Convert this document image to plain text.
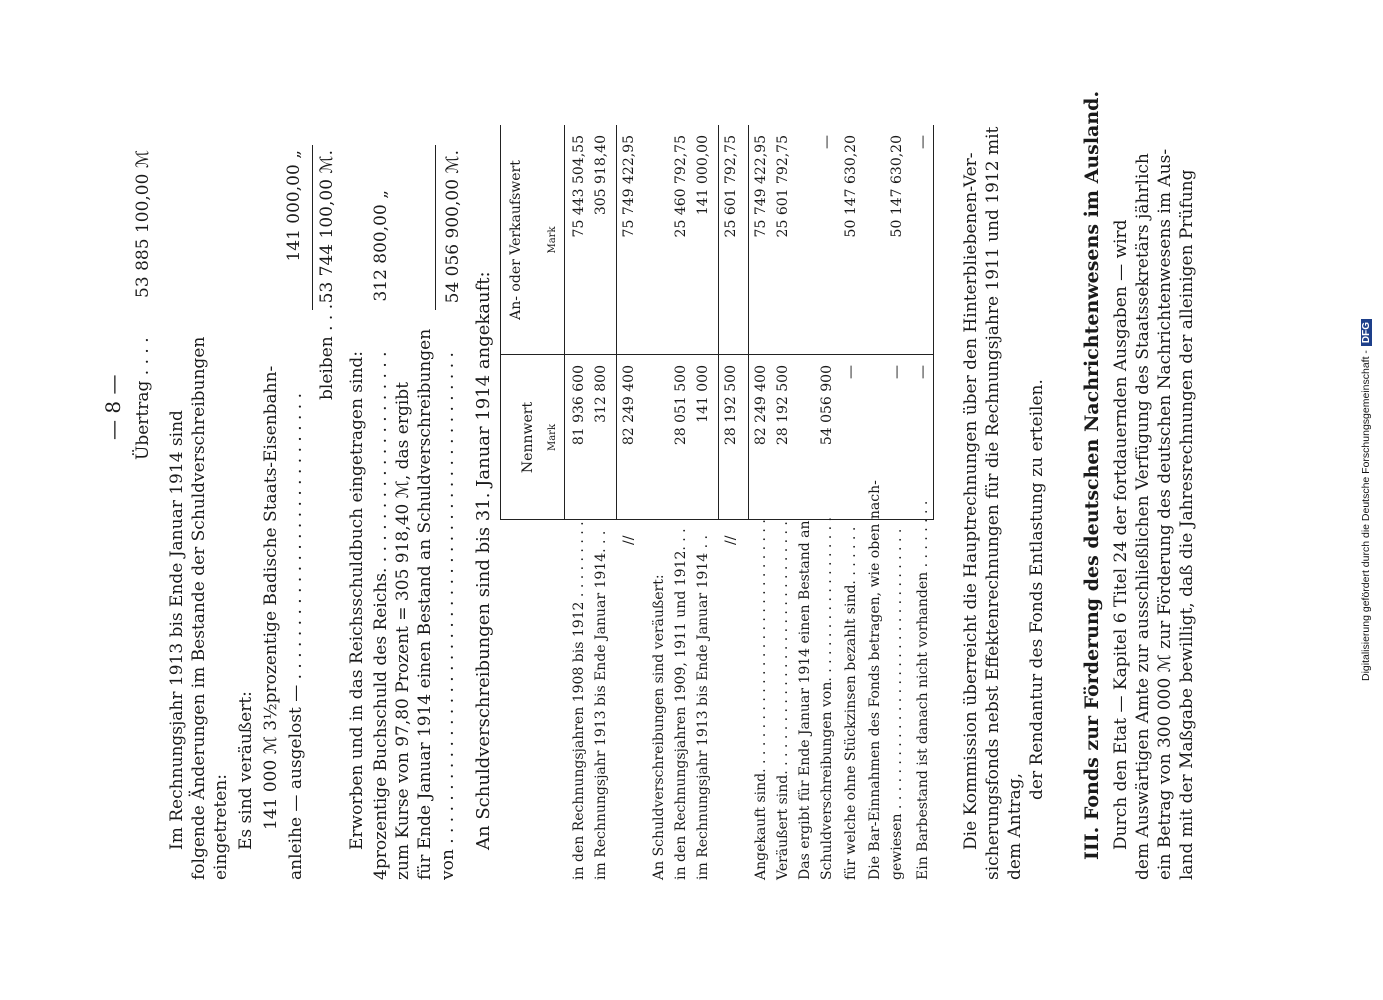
— 8 — Übertrag . . . .
53 885 100,00 ℳ
Im Rechnungsjahr 1913 bis Ende Januar 1914 sind folgende Änderungen im Bestande der Schuldverschreibungen eingetreten: Es sind veräußert: 141 000 ℳ 3½prozentige Badische Staats-Eisenbahn- anleihe — ausgelost — . . . . . . . . . . . . . . . . . . . . . . . . . . .
141 000,00 „
bleiben . . . .
53 744 100,00 ℳ.
Erworben und in das Reichsschuldbuch eingetragen sind: 4prozentige Buchschuld des Reichs. . . . . . . . . . . . . . . . . . . . .
312 800,00 „
zum Kurse von 97,80 Prozent = 305 918,40 ℳ, das ergibt für Ende Januar 1914 einen Bestand an Schuldverschreibungen von . . . . . . . . . . . . . . . . . . . . . . . . . . . . . . . . . . . . . . . . . . . . . .
54 056 900,00 ℳ.
An Schuldverschreibungen sind bis 31. Januar 1914 angekauft: Nennwert Mark
An- oder Verkaufswert Mark
in den Rechnungsjahren 1908 bis 1912 . . . . . . . . .
81 936 600
75 443 504,55
im Rechnungsjahr 1913 bis Ende Januar 1914. . .
312 800
305 918,40
//
82 249 400
75 749 422,95
An Schuldverschreibungen sind veräußert: in den Rechnungsjahren 1909, 1911 und 1912. . .
28 051 500
25 460 792,75
im Rechnungsjahr 1913 bis Ende Januar 1914 . .
141 000
141 000,00
//
28 192 500
25 601 792,75
Angekauft sind. . . . . . . . . . . . . . . . . . . . . . . . . . . . .
82 249 400
75 749 422,95
Veräußert sind. . . . . . . . . . . . . . . . . . . . . . . . . . . . .
28 192 500
25 601 792,75
Das ergibt für Ende Januar 1914 einen Bestand an Schuldverschreibungen von. . . . . . . . . . . . . . . . . . .
54 056 900
—
für welche ohne Stückzinsen bezahlt sind. . . . . . .
—
50 147 630,20
Die Bar-Einnahmen des Fonds betragen, wie oben nach- gewiesen . . . . . . . . . . . . . . . . . . . . . . . . . . . . . . . .
—
50 147 630,20
Ein Barbestand ist danach nicht vorhanden . . . . . . . .
—
—
Die Kommission überreicht die Hauptrechnungen über den Hinterbliebenen-Ver- sicherungsfonds nebst Effektenrechnungen für die Rechnungsjahre 1911 und 1912 mit dem Antrag,
der Rendantur des Fonds Entlastung zu erteilen. III. Fonds zur Förderung des deutschen Nachrichtenwesens im Ausland. Durch den Etat — Kapitel 6 Titel 24 der fortdauernden Ausgaben — wird dem Auswärtigen Amte zur ausschließlichen Verfügung des Staatssekretärs jährlich ein Betrag von 300 000 ℳ zur Förderung des deutschen Nachrichtenwesens im Aus- land mit der Maßgabe bewilligt, daß die Jahresrechnungen der alleinigen Prüfung	Digitalisierung gefördert durch die Deutsche Forschungsgemeinschaft -DFG
